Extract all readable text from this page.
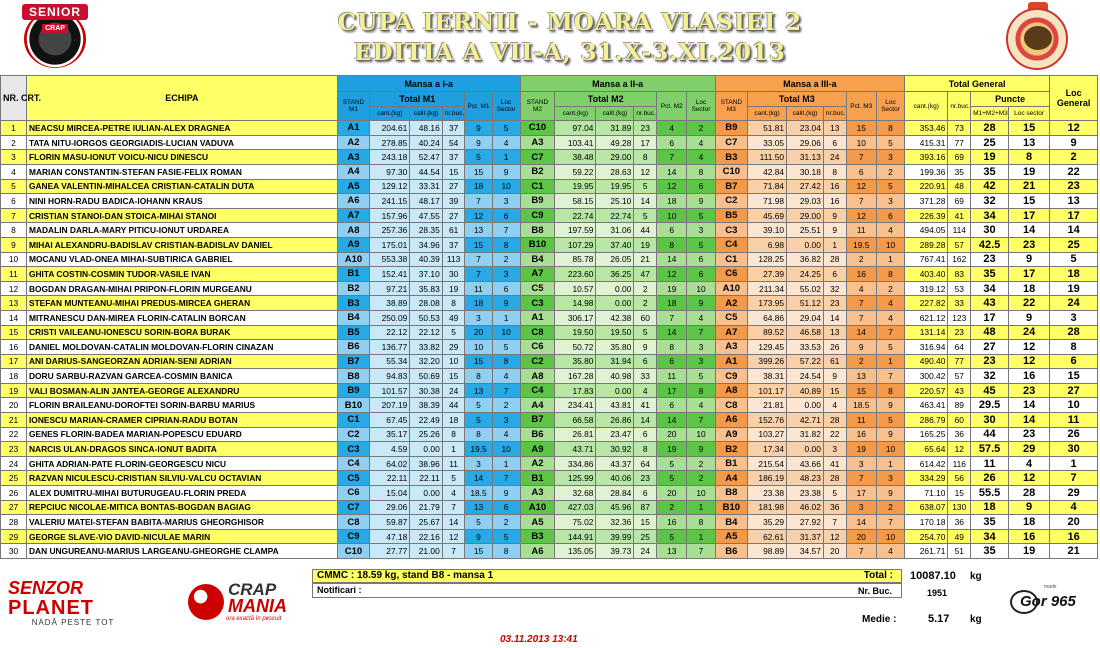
SENIOR
CRAP	CUPA IERNII - MOARA VLASIEI 2
EDITIA A VII-A, 31.X-3.XI.2013
NR. CRT.	ECHIPA	Mansa a I-a						Mansa a II-a						Mansa a III-a						Total General				Loc General
		STAND M1	Total M1			Pct. M1	Loc Sector	STAND M2	Total M2			Pct. M2	Loc Sector	STAND M3	Total M3			Pct. M3	Loc Sector	cant.(kg)	nr.buc.	Puncte		
			cant.(kg)	calit.(kg)	nr.buc.				cant.(kg)	calit.(kg)	nr.buc.				cant.(kg)	calit.(kg)	nr.buc.					M1+M2+M3	Loc sector	
1	NEACSU MIRCEA-PETRE IULIAN-ALEX DRAGNEA	A1	204.61	48.16	37	9	5	C10	97.04	31.89	23	4	2	B9	51.81	23.04	13	15	8	353.46	73	28	15	12
2	TATA NITU-IORGOS GEORGIADIS-LUCIAN VADUVA	A2	278.85	40.24	54	9	4	A3	103.41	49.28	17	6	4	C7	33.05	29.06	6	10	5	415.31	77	25	13	9
3	FLORIN MASU-IONUT VOICU-NICU DINESCU	A3	243.18	52.47	37	5	1	C7	38.48	29.00	8	7	4	B3	111.50	31.13	24	7	3	393.16	69	19	8	2
4	MARIAN CONSTANTIN-STEFAN FASIE-FELIX ROMAN	A4	97.30	44.54	15	15	9	B2	59.22	28.63	12	14	8	C10	42.84	30.18	8	6	2	199.36	35	35	19	22
5	GANEA VALENTIN-MIHALCEA CRISTIAN-CATALIN DUTA	A5	129.12	33.31	27	18	10	C1	19.95	19.95	5	12	6	B7	71.84	27.42	16	12	5	220.91	48	42	21	23
6	NINI HORN-RADU BADICA-IOHANN KRAUS	A6	241.15	48.17	39	7	3	B9	58.15	25.10	14	18	9	C2	71.98	29.03	16	7	3	371.28	69	32	15	13
7	CRISTIAN STANOI-DAN STOICA-MIHAI STANOI	A7	157.96	47.55	27	12	6	C9	22.74	22.74	5	10	5	B5	45.69	29.00	9	12	6	226.39	41	34	17	17
8	MADALIN DARLA-MARY PITICU-IONUT URDAREA	A8	257.36	28.35	61	13	7	B8	197.59	31.06	44	6	3	C3	39.10	25.51	9	11	4	494.05	114	30	14	14
9	MIHAI ALEXANDRU-BADISLAV CRISTIAN-BADISLAV DANIEL	A9	175.01	34.96	37	15	8	B10	107.29	37.40	19	8	5	C4	6.98	0.00	1	19.5	10	289.28	57	42.5	23	25
10	MOCANU VLAD-ONEA MIHAI-SUBTIRICA GABRIEL	A10	553.38	40.39	113	7	2	B4	85.78	26.05	21	14	6	C1	128.25	36.82	28	2	1	767.41	162	23	9	5
11	GHITA COSTIN-COSMIN TUDOR-VASILE IVAN	B1	152.41	37.10	30	7	3	A7	223.60	36.25	47	12	6	C6	27.39	24.25	6	16	8	403.40	83	35	17	18
12	BOGDAN DRAGAN-MIHAI PRIPON-FLORIN MURGEANU	B2	97.21	35.83	19	11	6	C5	10.57	0.00	2	19	10	A10	211.34	55.02	32	4	2	319.12	53	34	18	19
13	STEFAN MUNTEANU-MIHAI PREDUS-MIRCEA GHERAN	B3	38.89	28.08	8	18	9	C3	14.98	0.00	2	18	9	A2	173.95	51.12	23	7	4	227.82	33	43	22	24
14	MITRANESCU DAN-MIREA FLORIN-CATALIN BORCAN	B4	250.09	50.53	49	3	1	A1	306.17	42.38	60	7	4	C5	64.86	29.04	14	7	4	621.12	123	17	9	3
15	CRISTI VAILEANU-IONESCU SORIN-BORA BURAK	B5	22.12	22.12	5	20	10	C8	19.50	19.50	5	14	7	A7	89.52	46.58	13	14	7	131.14	23	48	24	28
16	DANIEL MOLDOVAN-CATALIN MOLDOVAN-FLORIN CINAZAN	B6	136.77	33.82	29	10	5	C6	50.72	35.80	9	8	3	A3	129.45	33.53	26	9	5	316.94	64	27	12	8
17	ANI DARIUS-SANGEORZAN ADRIAN-SENI ADRIAN	B7	55.34	32.20	10	15	8	C2	35.80	31.94	6	6	3	A1	399.26	57.22	61	2	1	490.40	77	23	12	6
18	DORU SARBU-RAZVAN GARCEA-COSMIN BANICA	B8	94.83	50.69	15	8	4	A8	167.28	40.98	33	11	5	C9	38.31	24.54	9	13	7	300.42	57	32	16	15
19	VALI BOSMAN-ALIN JANTEA-GEORGE ALEXANDRU	B9	101.57	30.38	24	13	7	C4	17.83	0.00	4	17	8	A8	101.17	40.89	15	15	8	220.57	43	45	23	27
20	FLORIN BRAILEANU-DOROFTEI SORIN-BARBU MARIUS	B10	207.19	38.39	44	5	2	A4	234.41	43.81	41	6	4	C8	21.81	0.00	4	18.5	9	463.41	89	29.5	14	10
21	IONESCU MARIAN-CRAMER CIPRIAN-RADU BOTAN	C1	67.45	22.49	18	5	3	B7	66.58	26.86	14	14	7	A6	152.76	42.71	28	11	5	286.79	60	30	14	11
22	GENES FLORIN-BADEA MARIAN-POPESCU EDUARD	C2	35.17	25.26	8	8	4	B6	26.81	23.47	6	20	10	A9	103.27	31.82	22	16	9	165.25	36	44	23	26
23	NARCIS ULAN-DRAGOS SINCA-IONUT BADITA	C3	4.59	0.00	1	19.5	10	A9	43.71	30.92	8	19	9	B2	17.34	0.00	3	19	10	65.64	12	57.5	29	30
24	GHITA ADRIAN-PATE FLORIN-GEORGESCU NICU	C4	64.02	38.96	11	3	1	A2	334.86	43.37	64	5	2	B1	215.54	43.66	41	3	1	614.42	116	11	4	1
25	RAZVAN NICULESCU-CRISTIAN SILVIU-VALCU OCTAVIAN	C5	22.11	22.11	5	14	7	B1	125.99	40.06	23	5	2	A4	186.19	48.23	28	7	3	334.29	56	26	12	7
26	ALEX DUMITRU-MIHAI BUTURUGEAU-FLORIN PREDA	C6	15.04	0.00	4	18.5	9	A3	32.68	28.84	6	20	10	B8	23.38	23.38	5	17	9	71.10	15	55.5	28	29
27	REPCIUC NICOLAE-MITICA BONTAS-BOGDAN BAGIAG	C7	29.06	21.79	7	13	6	A10	427.03	45.96	87	2	1	B10	181.98	46.02	36	3	2	638.07	130	18	9	4
28	VALERIU MATEI-STEFAN BABITA-MARIUS GHEORGHISOR	C8	59.87	25.67	14	5	2	A5	75.02	32.36	15	16	8	B4	35.29	27.92	7	14	7	170.18	36	35	18	20
29	GEORGE SLAVE-VIO DAVID-NICULAE MARIN	C9	47.18	22.16	12	9	5	B3	144.91	39.99	25	5	1	A5	62.61	31.37	12	20	10	254.70	49	34	16	16
30	DAN UNGUREANU-MARIUS LARGEANU-GHEORGHE CLAMPA	C10	27.77	21.00	7	15	8	A6	135.05	39.73	24	13	7	B6	98.89	34.57	20	7	4	261.71	51	35	19	21
SENZOR
PLANET
NADĂ PESTE TOT
CRAP
MANIA
ora exactă în pescuit
CMMC : 18.59 kg, stand B8 - mansa 1	Total :
Notificari :	Nr. Buc.
10087.10 kg
1951
Medie :	5.17 kg
03.11.2013 13:41
made
Gor 965
